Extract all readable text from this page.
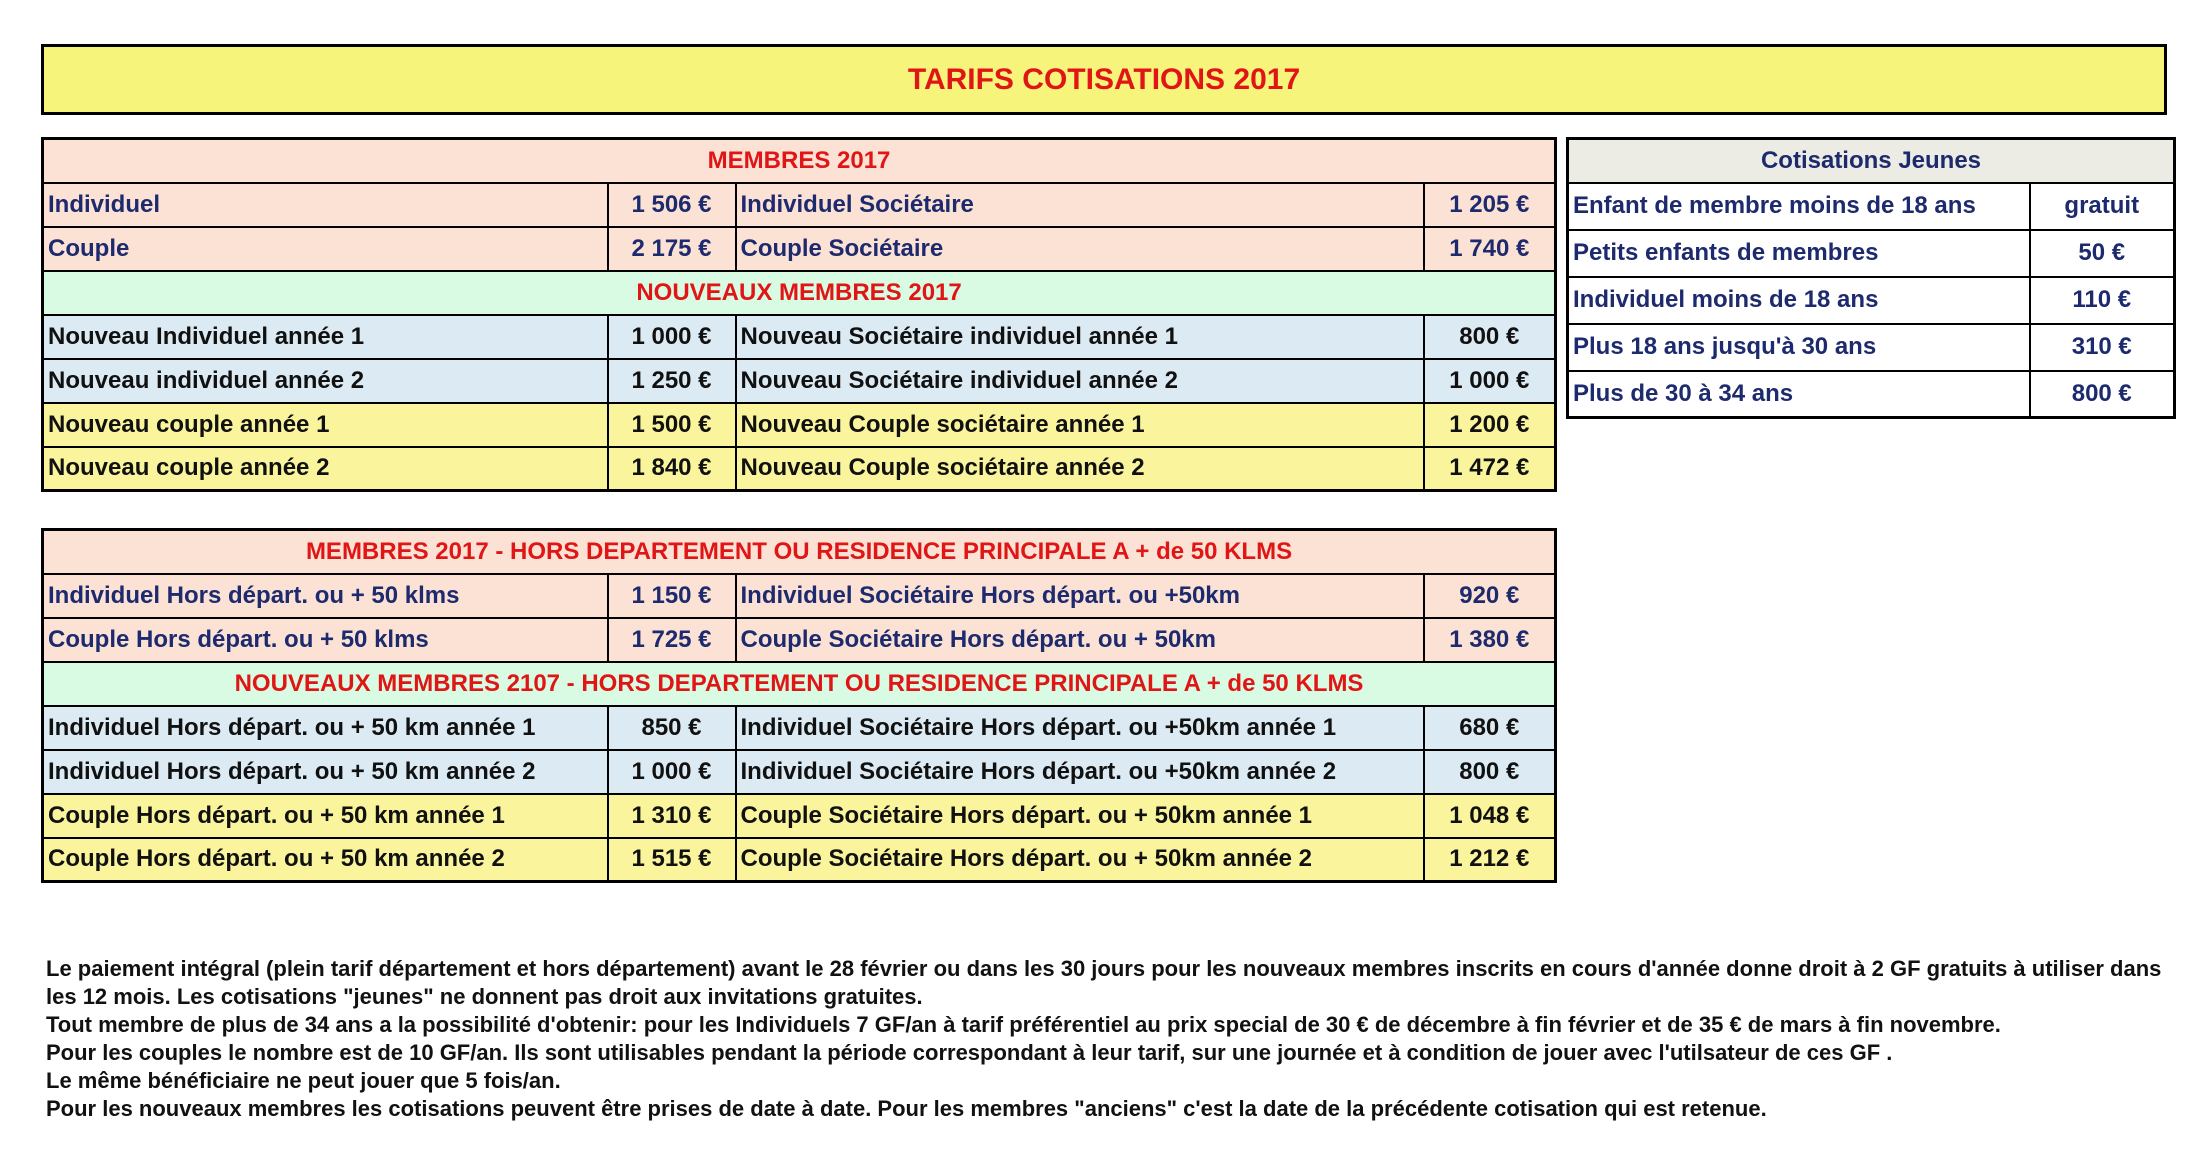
TARIFS COTISATIONS 2017
MEMBRES 2017			
Individuel	1 506 €	Individuel Sociétaire	1 205 €
Couple	2 175 €	Couple Sociétaire	1 740 €
NOUVEAUX MEMBRES 2017			
Nouveau Individuel année 1	1 000 €	Nouveau Sociétaire individuel année 1	800 €
Nouveau individuel année 2	1 250 €	Nouveau Sociétaire individuel année 2	1 000 €
Nouveau couple année 1	1 500 €	Nouveau Couple sociétaire année 1	1 200 €
Nouveau couple année 2	1 840 €	Nouveau Couple sociétaire année 2	1 472 €
MEMBRES 2017 - HORS DEPARTEMENT OU RESIDENCE PRINCIPALE A + de 50 KLMS			
Individuel Hors départ. ou + 50 klms	1 150 €	Individuel Sociétaire Hors départ. ou +50km	920 €
Couple Hors départ. ou + 50 klms	1 725 €	Couple Sociétaire Hors départ. ou + 50km	1 380 €
NOUVEAUX MEMBRES 2107 - HORS DEPARTEMENT OU RESIDENCE PRINCIPALE A + de 50 KLMS			
Individuel Hors départ. ou + 50 km année 1	850 €	Individuel Sociétaire Hors départ. ou +50km année 1	680 €
Individuel Hors départ. ou + 50 km année 2	1 000 €	Individuel Sociétaire Hors départ. ou +50km année 2	800 €
Couple Hors départ. ou + 50 km année 1	1 310 €	Couple Sociétaire Hors départ. ou + 50km année 1	1 048 €
Couple Hors départ. ou + 50 km année 2	1 515 €	Couple Sociétaire Hors départ. ou + 50km année 2	1 212 €
Cotisations Jeunes	
Enfant de membre moins de 18 ans	gratuit
Petits enfants de membres	50 €
Individuel moins de 18 ans	110 €
Plus 18 ans jusqu'à 30 ans	310 €
Plus de 30 à 34 ans	800 €

Le paiement intégral (plein tarif département et hors département) avant le 28 février ou dans les 30 jours pour les nouveaux membres inscrits en cours d'année donne droit à 2 GF gratuits à utiliser dans les 12 mois. Les cotisations "jeunes" ne donnent pas droit aux invitations gratuites.

Tout membre de plus de 34 ans a la possibilité d'obtenir: pour les Individuels 7 GF/an à tarif préférentiel au prix special de 30 € de décembre à fin février et de 35 € de mars à fin novembre.

Pour les couples le nombre est de 10 GF/an. Ils sont utilisables pendant la période correspondant à leur tarif, sur une journée et à condition de jouer avec l'utilsateur de ces GF .

Le même bénéficiaire ne peut jouer que 5 fois/an.

Pour les nouveaux membres les cotisations peuvent être prises de date à date. Pour les membres "anciens" c'est la date de la précédente cotisation qui est retenue.
